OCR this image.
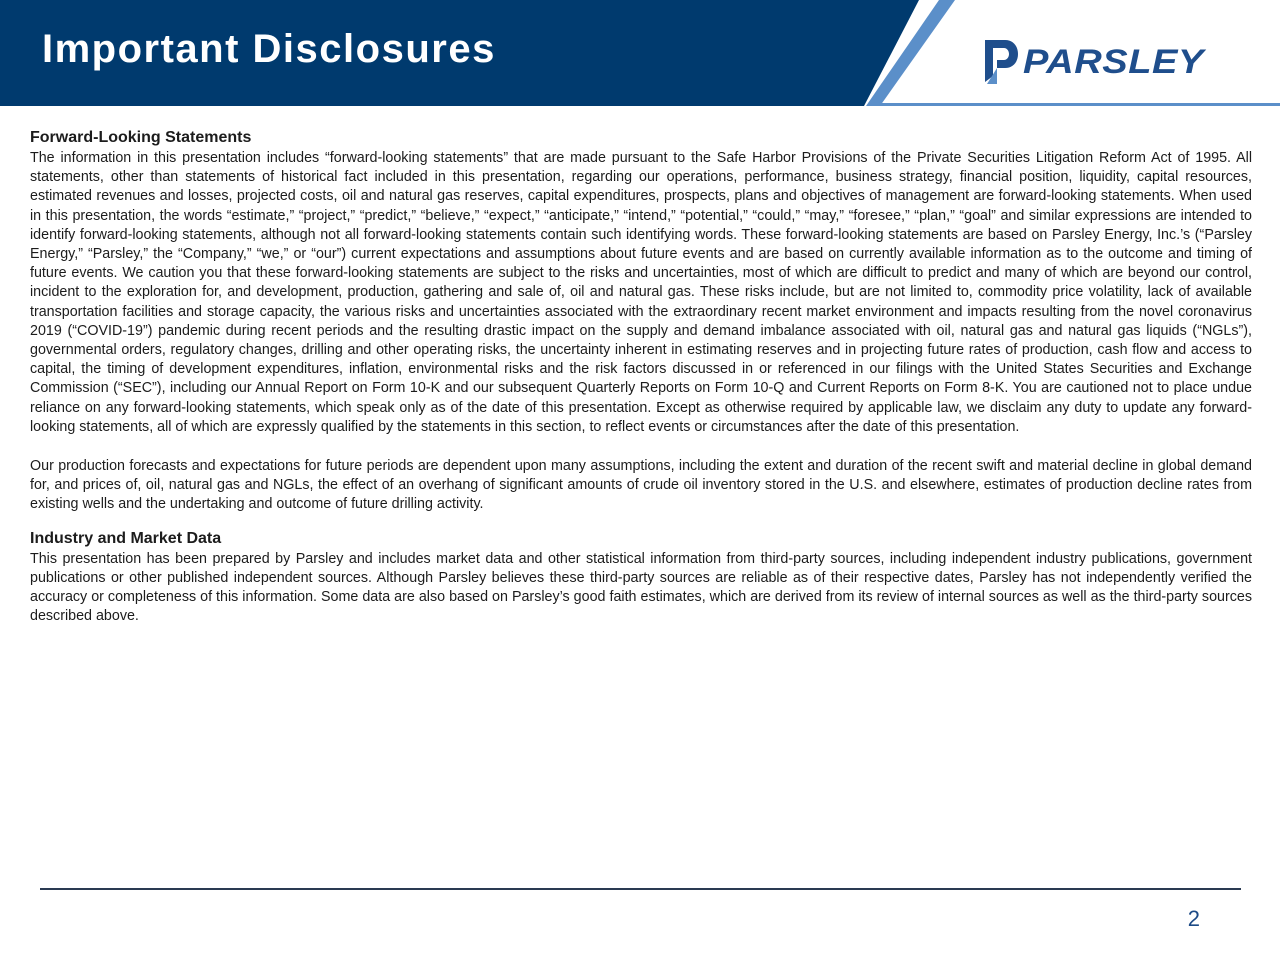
Important Disclosures	PARSLEY
Forward-Looking Statements

The information in this presentation includes “forward-looking statements” that are made pursuant to the Safe Harbor Provisions of the Private Securities Litigation Reform Act of 1995. All statements, other than statements of historical fact included in this presentation, regarding our operations, performance, business strategy, financial position, liquidity, capital resources, estimated revenues and losses, projected costs, oil and natural gas reserves, capital expenditures, prospects, plans and objectives of management are forward-looking statements. When used in this presentation, the words “estimate,” “project,” “predict,” “believe,” “expect,” “anticipate,” “intend,” “potential,” “could,” “may,” “foresee,” “plan,” “goal” and similar expressions are intended to identify forward-looking statements, although not all forward-looking statements contain such identifying words. These forward-looking statements are based on Parsley Energy, Inc.’s (“Parsley Energy,” “Parsley,” the “Company,” “we,” or “our”) current expectations and assumptions about future events and are based on currently available information as to the outcome and timing of future events. We caution you that these forward-looking statements are subject to the risks and uncertainties, most of which are difficult to predict and many of which are beyond our control, incident to the exploration for, and development, production, gathering and sale of, oil and natural gas. These risks include, but are not limited to, commodity price volatility, lack of available transportation facilities and storage capacity, the various risks and uncertainties associated with the extraordinary recent market environment and impacts resulting from the novel coronavirus 2019 (“COVID-19”) pandemic during recent periods and the resulting drastic impact on the supply and demand imbalance associated with oil, natural gas and natural gas liquids (“NGLs”), governmental orders, regulatory changes, drilling and other operating risks, the uncertainty inherent in estimating reserves and in projecting future rates of production, cash flow and access to capital, the timing of development expenditures, inflation, environmental risks and the risk factors discussed in or referenced in our filings with the United States Securities and Exchange Commission (“SEC”), including our Annual Report on Form 10-K and our subsequent Quarterly Reports on Form 10-Q and Current Reports on Form 8-K. You are cautioned not to place undue reliance on any forward-looking statements, which speak only as of the date of this presentation. Except as otherwise required by applicable law, we disclaim any duty to update any forward-looking statements, all of which are expressly qualified by the statements in this section, to reflect events or circumstances after the date of this presentation.

Our production forecasts and expectations for future periods are dependent upon many assumptions, including the extent and duration of the recent swift and material decline in global demand for, and prices of, oil, natural gas and NGLs, the effect of an overhang of significant amounts of crude oil inventory stored in the U.S. and elsewhere, estimates of production decline rates from existing wells and the undertaking and outcome of future drilling activity.

Industry and Market Data

This presentation has been prepared by Parsley and includes market data and other statistical information from third-party sources, including independent industry publications, government publications or other published independent sources. Although Parsley believes these third-party sources are reliable as of their respective dates, Parsley has not independently verified the accuracy or completeness of this information. Some data are also based on Parsley’s good faith estimates, which are derived from its review of internal sources as well as the third-party sources described above.

2
